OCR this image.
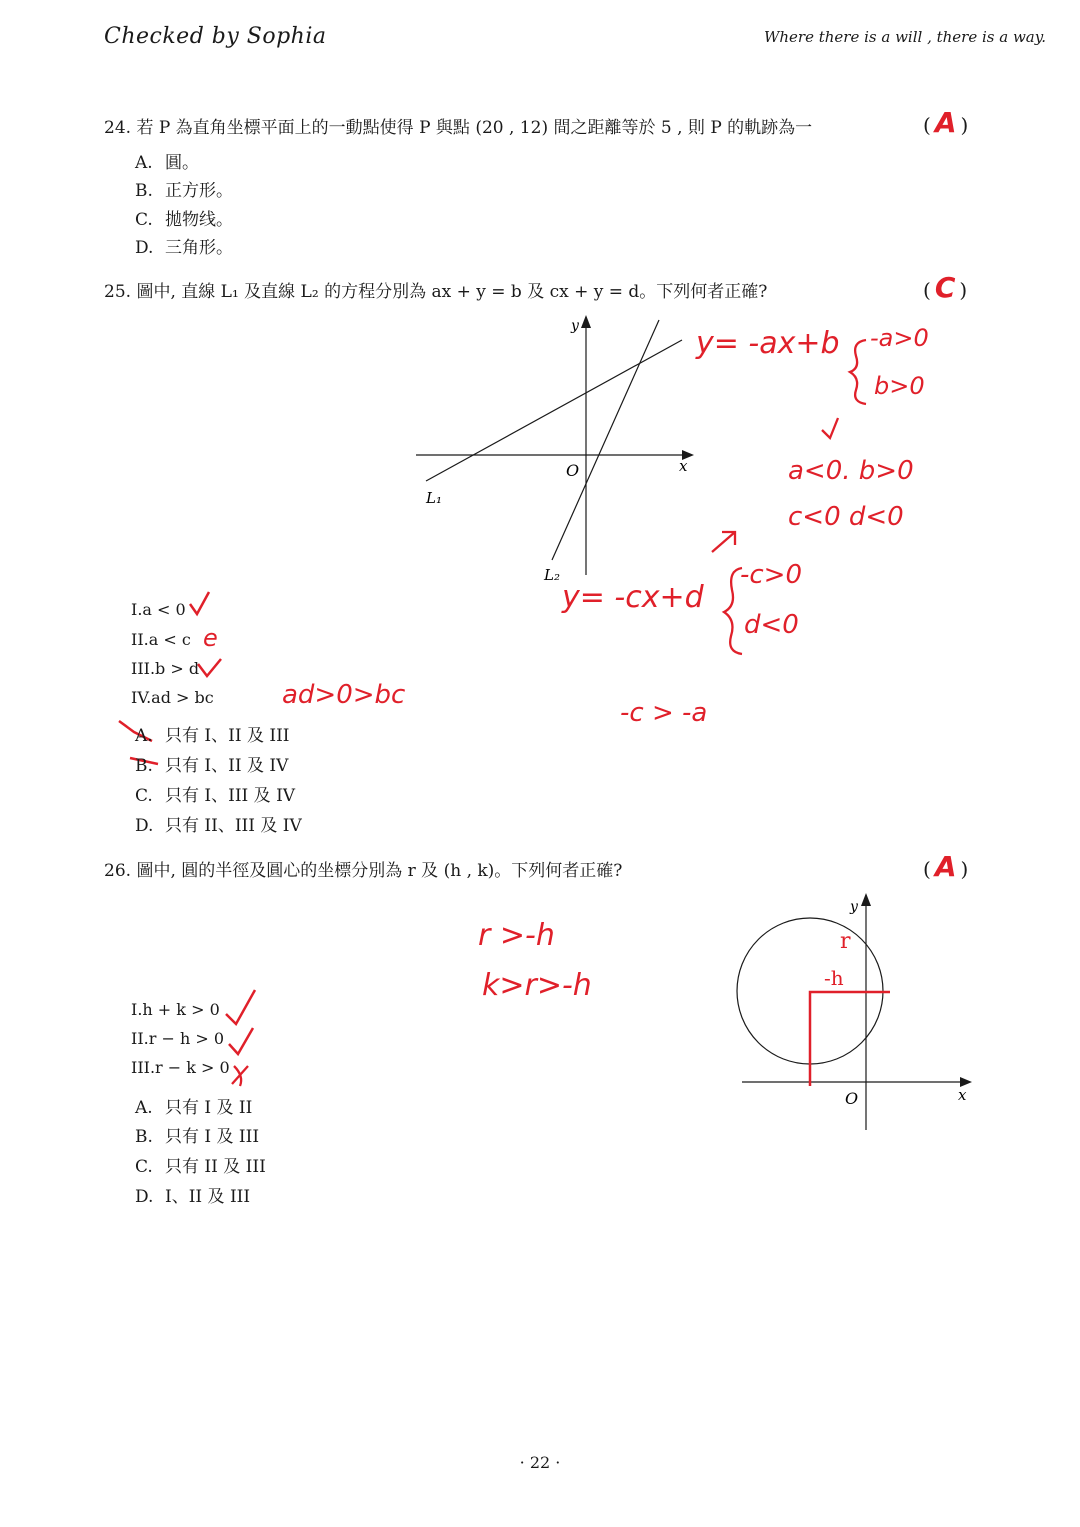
Checked by Sophia	Where there is a will , there is a way.
24. 若 P 為直角坐標平面上的一動點使得 P 與點 (20 , 12) 間之距離等於 5 , 則 P 的軌跡為一	( A )
A. 圓。
B. 正方形。
C. 拋物线。
D. 三角形。
25. 圖中, 直線 L₁ 及直線 L₂ 的方程分別為 ax + y = b 及 cx + y = d。下列何者正確?	( C )
y
x
O
L₁
L₂
y
x
O
r
-h
I.a < 0
II.a < c e
III.b > d
IV.ad > bc
A. 只有 I、II 及 III
B. 只有 I、II 及 IV
C. 只有 I、III 及 IV
D. 只有 II、III 及 IV
y= -ax+b -a>0
b>0
a<0. b>0
c<0 d<0
y= -cx+d
-c>0
d<0
ad>0>bc
-c > -a
26. 圖中, 圓的半徑及圓心的坐標分別為 r 及 (h , k)。下列何者正確?	( A )
r >-h
k>r>-h
I.h + k > 0
II.r − h > 0
III.r − k > 0
A. 只有 I 及 II
B. 只有 I 及 III
C. 只有 II 及 III
D. I、II 及 III
· 22 ·
